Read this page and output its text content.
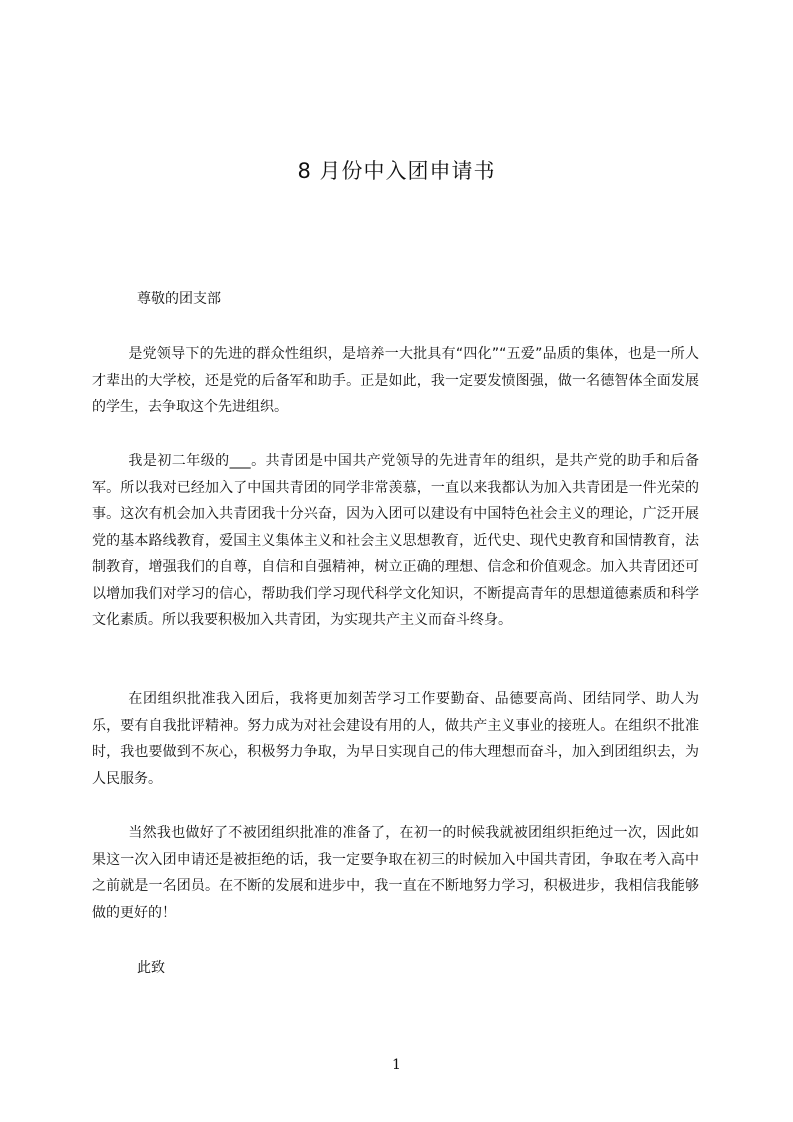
8 月份中入团申请书
尊敬的团支部

是党领导下的先进的群众性组织，是培养一大批具有“四化”“五爱”品质的集体，也是一所人才辈出的大学校，还是党的后备军和助手。正是如此，我一定要发愤图强，做一名德智体全面发展的学生，去争取这个先进组织。

我是初二年级的___。共青团是中国共产党领导的先进青年的组织，是共产党的助手和后备军。所以我对已经加入了中国共青团的同学非常羡慕，一直以来我都认为加入共青团是一件光荣的事。这次有机会加入共青团我十分兴奋，因为入团可以建设有中国特色社会主义的理论，广泛开展党的基本路线教育，爱国主义集体主义和社会主义思想教育，近代史、现代史教育和国情教育，法制教育，增强我们的自尊，自信和自强精神，树立正确的理想、信念和价值观念。加入共青团还可以增加我们对学习的信心，帮助我们学习现代科学文化知识，不断提高青年的思想道德素质和科学文化素质。所以我要积极加入共青团，为实现共产主义而奋斗终身。

在团组织批准我入团后，我将更加刻苦学习工作要勤奋、品德要高尚、团结同学、助人为乐，要有自我批评精神。努力成为对社会建设有用的人，做共产主义事业的接班人。在组织不批准时，我也要做到不灰心，积极努力争取，为早日实现自己的伟大理想而奋斗，加入到团组织去，为人民服务。

当然我也做好了不被团组织批准的准备了，在初一的时候我就被团组织拒绝过一次，因此如果这一次入团申请还是被拒绝的话，我一定要争取在初三的时候加入中国共青团，争取在考入高中之前就是一名团员。在不断的发展和进步中，我一直在不断地努力学习，积极进步，我相信我能够做的更好的！

此致
1
